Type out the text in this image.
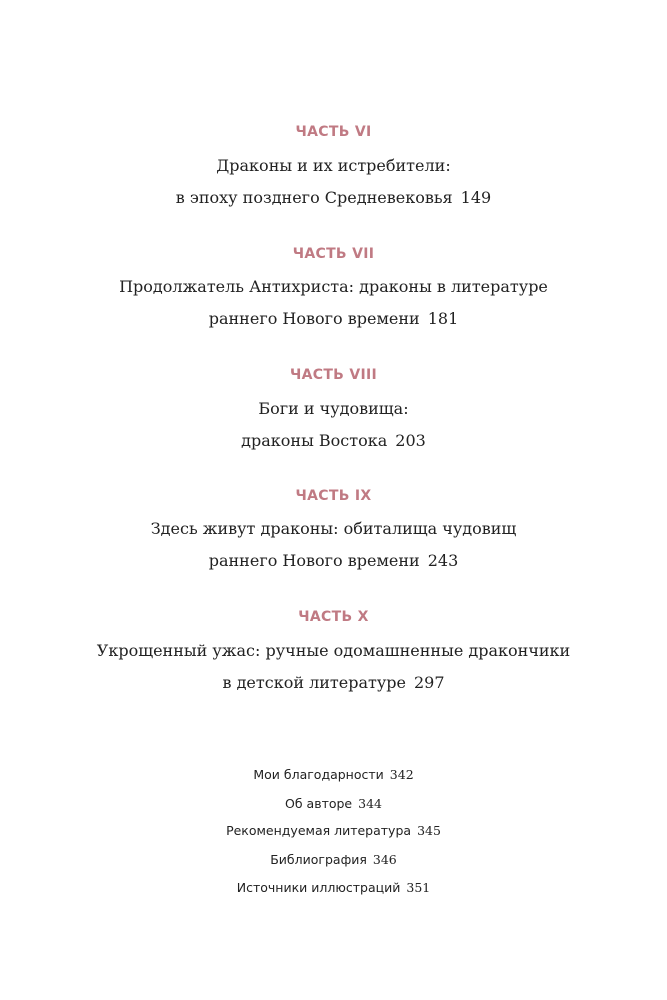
ЧАСТЬ VI
Драконы и их истребители:
в эпоху позднего Средневековья 149
ЧАСТЬ VII
Продолжатель Антихриста: драконы в литературе
раннего Нового времени 181
ЧАСТЬ VIII
Боги и чудовища:
драконы Востока 203
ЧАСТЬ IX
Здесь живут драконы: обиталища чудовищ
раннего Нового времени 243
ЧАСТЬ X
Укрощенный ужас: ручные одомашненные дракончики
в детской литературе 297
Мои благодарности 342
Об авторе 344
Рекомендуемая литература 345
Библиография 346
Источники иллюстраций 351
